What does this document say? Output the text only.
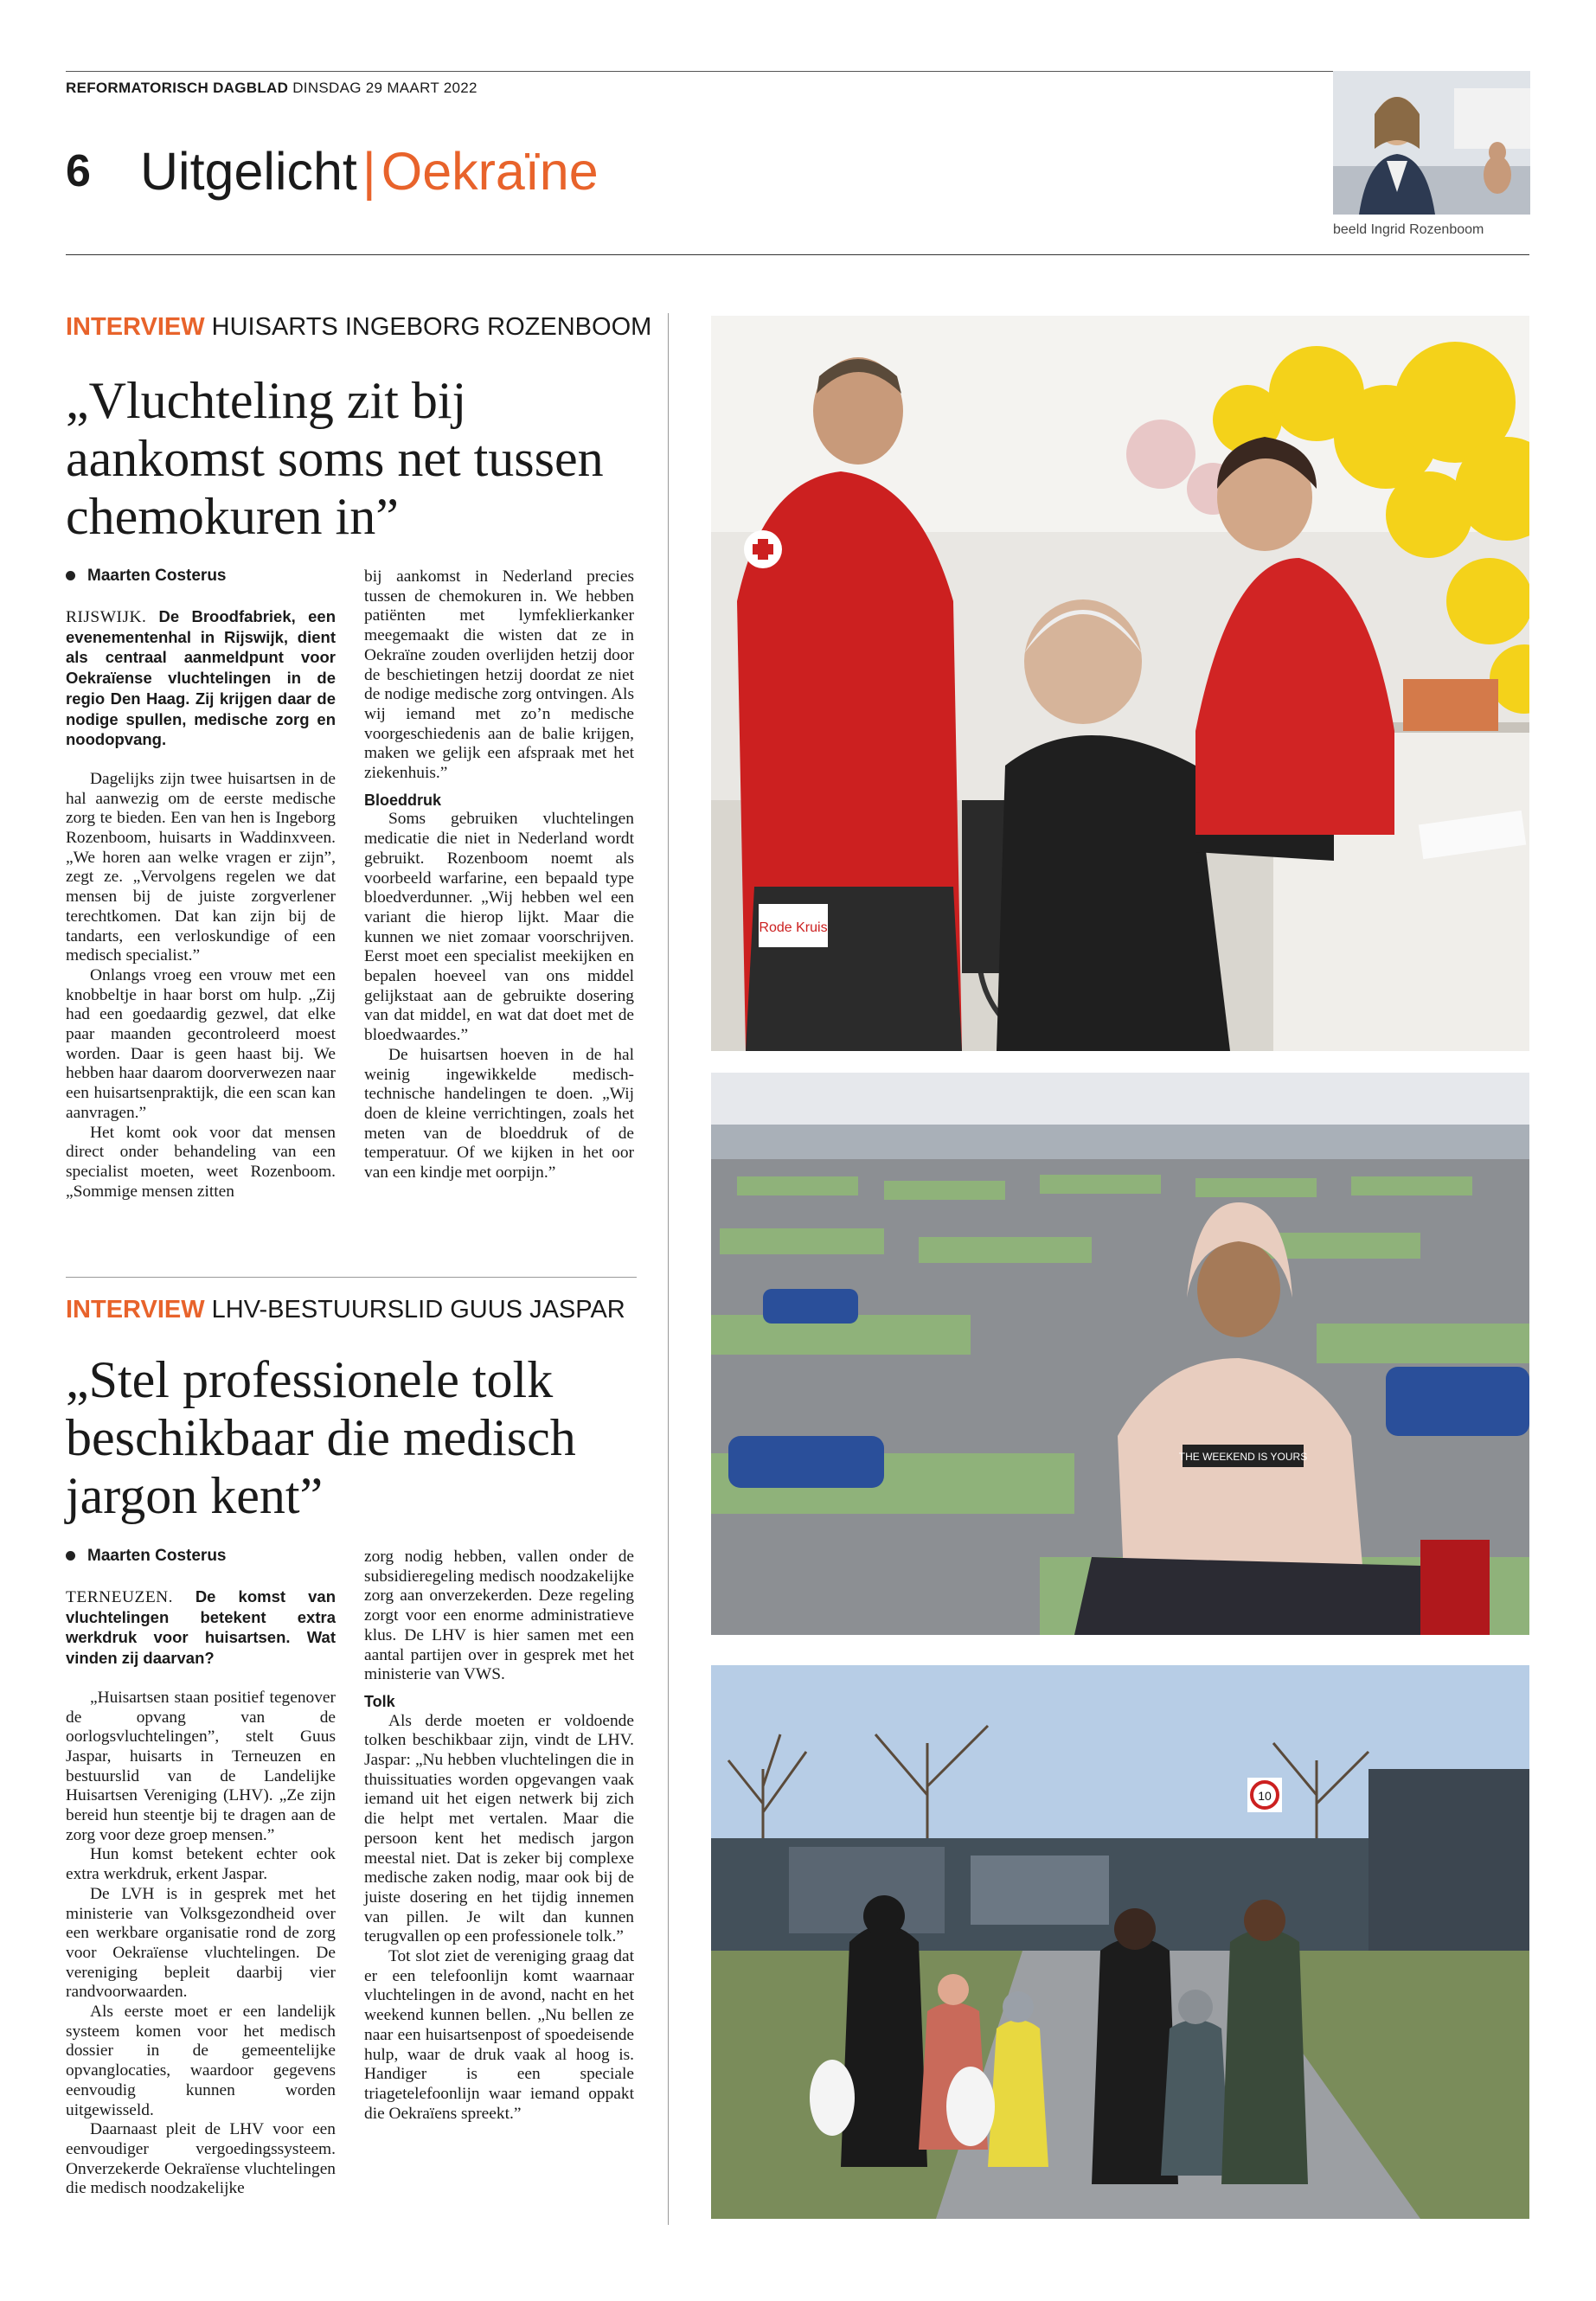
REFORMATORISCH DAGBLAD DINSDAG 29 MAART 2022
6 Uitgelicht|Oekraïne
beeld Ingrid Rozenboom
INTERVIEW HUISARTS INGEBORG ROZENBOOM
„Vluchteling zit bij aankomst soms net tussen chemokuren in”
Maarten Costerus

RIJSWIJK. De Broodfabriek, een evenementenhal in Rijswijk, dient als centraal aanmeldpunt voor Oekraïense vluchtelingen in de regio Den Haag. Zij krijgen daar de nodige spullen, medische zorg en noodopvang.

Dagelijks zijn twee huisartsen in de hal aanwezig om de eerste medische zorg te bieden. Een van hen is Ingeborg Rozenboom, huisarts in Waddinxveen. „We horen aan welke vragen er zijn”, zegt ze. „Vervolgens regelen we dat mensen bij de juiste zorgverlener terechtkomen. Dat kan zijn bij de tandarts, een verloskundige of een medisch specialist.”

Onlangs vroeg een vrouw met een knobbeltje in haar borst om hulp. „Zij had een goedaardig gezwel, dat elke paar maanden gecontroleerd moest worden. Daar is geen haast bij. We hebben haar daarom doorverwezen naar een huisartsenpraktijk, die een scan kan aanvragen.”

Het komt ook voor dat mensen direct onder behandeling van een specialist moeten, weet Rozenboom. „Sommige mensen zitten

bij aankomst in Nederland precies tussen de chemokuren in. We hebben patiënten met lymfeklierkanker meegemaakt die wisten dat ze in Oekraïne zouden overlijden hetzij door de beschietingen hetzij doordat ze niet de nodige medische zorg ontvingen. Als wij iemand met zo’n medische voorgeschiedenis aan de balie krijgen, maken we gelijk een afspraak met het ziekenhuis.”

Bloeddruk

Soms gebruiken vluchtelingen medicatie die niet in Nederland wordt gebruikt. Rozenboom noemt als voorbeeld warfarine, een bepaald type bloedverdunner. „Wij hebben wel een variant die hierop lijkt. Maar die kunnen we niet zomaar voorschrijven. Eerst moet een specialist meekijken en bepalen hoeveel van ons middel gelijkstaat aan de gebruikte dosering van dat middel, en wat dat doet met de bloedwaardes.”

De huisartsen hoeven in de hal weinig ingewikkelde medisch-technische handelingen te doen. „Wij doen de kleine verrichtingen, zoals het meten van de bloeddruk of de temperatuur. Of we kijken in het oor van een kindje met oorpijn.”

INTERVIEW LHV-BESTUURSLID GUUS JASPAR
„Stel professionele tolk beschikbaar die medisch jargon kent”
Maarten Costerus

TERNEUZEN. De komst van vluchtelingen betekent extra werkdruk voor huisartsen. Wat vinden zij daarvan?

„Huisartsen staan positief tegenover de opvang van de oorlogsvluchtelingen”, stelt Guus Jaspar, huisarts in Terneuzen en bestuurslid van de Landelijke Huisartsen Vereniging (LHV). „Ze zijn bereid hun steentje bij te dragen aan de zorg voor deze groep mensen.”

Hun komst betekent echter ook extra werkdruk, erkent Jaspar.

De LVH is in gesprek met het ministerie van Volksgezondheid over een werkbare organisatie rond de zorg voor Oekraïense vluchtelingen. De vereniging bepleit daarbij vier randvoorwaarden.

Als eerste moet er een landelijk systeem komen voor het medisch dossier in de gemeentelijke opvanglocaties, waardoor gegevens eenvoudig kunnen worden uitgewisseld.

Daarnaast pleit de LHV voor een eenvoudiger vergoedingssysteem. Onverzekerde Oekraïense vluchtelingen die medisch noodzakelijke

zorg nodig hebben, vallen onder de subsidieregeling medisch noodzakelijke zorg aan onverzekerden. Deze regeling zorgt voor een enorme administratieve klus. De LHV is hier samen met een aantal partijen over in gesprek met het ministerie van VWS.

Tolk

Als derde moeten er voldoende tolken beschikbaar zijn, vindt de LHV. Jaspar: „Nu hebben vluchtelingen die in thuissituaties worden opgevangen vaak iemand uit het eigen netwerk bij zich die helpt met vertalen. Maar die persoon kent het medisch jargon meestal niet. Dat is zeker bij complexe medische zaken nodig, maar ook bij de juiste dosering en het tijdig innemen van pillen. Je wilt dan kunnen terugvallen op een professionele tolk.”

Tot slot ziet de vereniging graag dat er een telefoonlijn komt waarnaar vluchtelingen in de avond, nacht en het weekend kunnen bellen. „Nu bellen ze naar een huisartsenpost of spoedeisende hulp, waar de druk vaak al hoog is. Handiger is een speciale triagetelefoonlijn waar iemand oppakt die Oekraïens spreekt.”

Rode Kruis
THE WEEKEND IS YOURS
10
